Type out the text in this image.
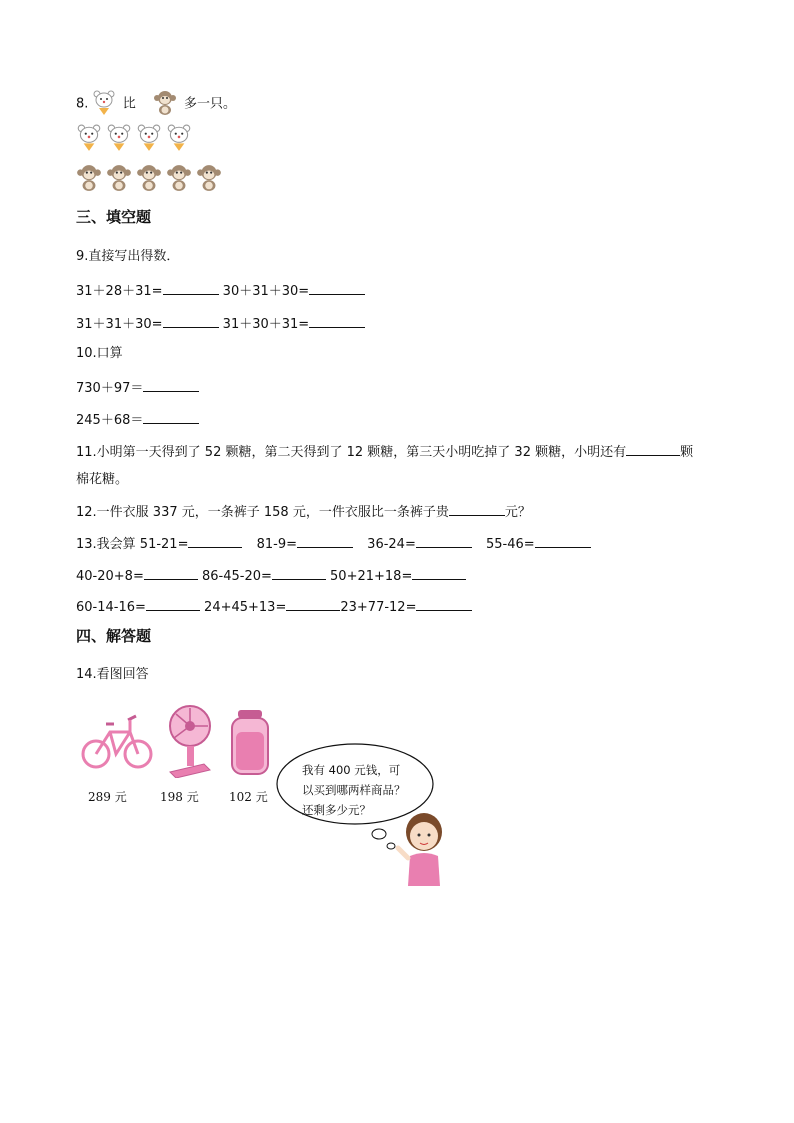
8.	比	多一只。
三、填空题
9.直接写出得数．
31＋28＋31=	30＋31＋30=
31＋31＋30=	31＋30＋31=
10.口算
730＋97＝
245＋68＝
11.小明第一天得到了 52 颗糖，第二天得到了 12 颗糖，第三天小明吃掉了 32 颗糖，小明还有	颗
棉花糖。
12.一件衣服 337 元，一条裤子 158 元，一件衣服比一条裤子贵	元？
13.我会算 51-21=	81-9=	36-24=	55-46=
40-20+8=	86-45-20=	50+21+18=
60-14-16=	24+45+13=	23+77-12=
四、解答题
14.看图回答
289 元	198 元	102 元
我有 400 元钱，可
以买到哪两样商品？
还剩多少元？
